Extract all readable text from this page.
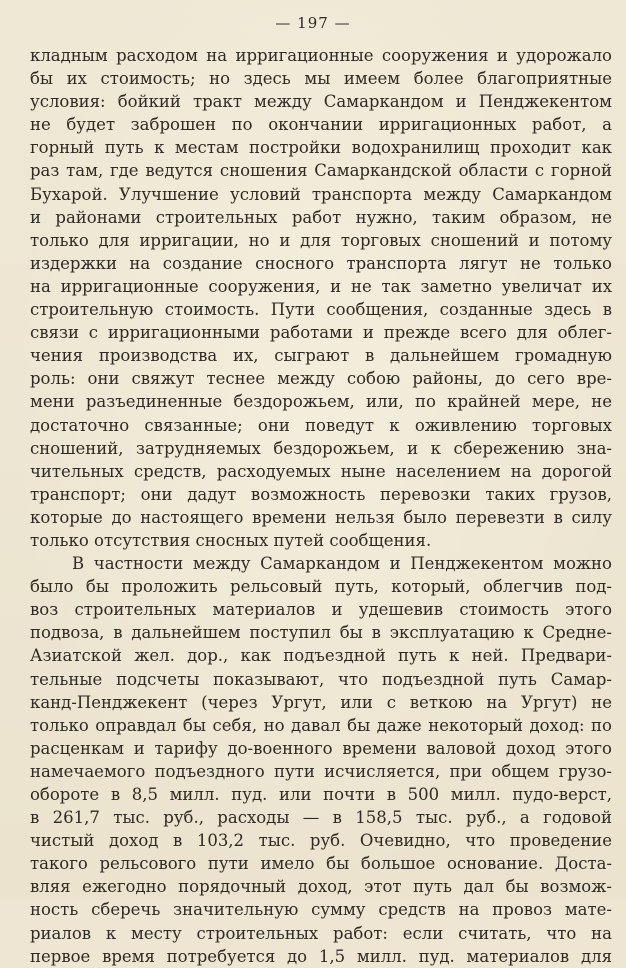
— 197 —
кладным расходом на ирригационные сооружения и удорожало
бы их стоимость; но здесь мы имеем более благоприятные
условия: бойкий тракт между Самаркандом и Пенджекентом
не будет заброшен по окончании ирригационных работ, а
горный путь к местам постройки водохранилищ проходит как
раз там, где ведутся сношения Самаркандской области с горной
Бухарой. Улучшение условий транспорта между Самаркандом
и районами строительных работ нужно, таким образом, не
только для ирригации, но и для торговых сношений и потому
издержки на создание сносного транспорта лягут не только
на ирригационные сооружения, и не так заметно увеличат их
строительную стоимость. Пути сообщения, созданные здесь в
связи с ирригационными работами и прежде всего для облег-
чения производства их, сыграют в дальнейшем громадную
роль: они свяжут теснее между собою районы, до сего вре-
мени разъединенные бездорожьем, или, по крайней мере, не
достаточно связанные; они поведут к оживлению торговых
сношений, затрудняемых бездорожьем, и к сбережению зна-
чительных средств, расходуемых ныне населением на дорогой
транспорт; они дадут возможность перевозки таких грузов,
которые до настоящего времени нельзя было перевезти в силу
только отсутствия сносных путей сообщения.
В частности между Самаркандом и Пенджекентом можно
было бы проложить рельсовый путь, который, облегчив под-
воз строительных материалов и удешевив стоимость этого
подвоза, в дальнейшем поступил бы в эксплуатацию к Средне-
Азиатской жел. дор., как подъездной путь к ней. Предвари-
тельные подсчеты показывают, что подъездной путь Самар-
канд-Пенджекент (через Ургут, или с веткою на Ургут) не
только оправдал бы себя, но давал бы даже некоторый доход: по
расценкам и тарифу до-военного времени валовой доход этого
намечаемого подъездного пути исчисляется, при общем грузо-
обороте в 8,5 милл. пуд. или почти в 500 милл. пудо-верст,
в 261,7 тыс. руб., расходы — в 158,5 тыс. руб., а годовой
чистый доход в 103,2 тыс. руб. Очевидно, что проведение
такого рельсового пути имело бы большое основание. Доста-
вляя ежегодно порядочный доход, этот путь дал бы возмож-
ность сберечь значительную сумму средств на провоз мате-
риалов к месту строительных работ: если считать, что на
первое время потребуется до 1,5 милл. пуд. материалов для
